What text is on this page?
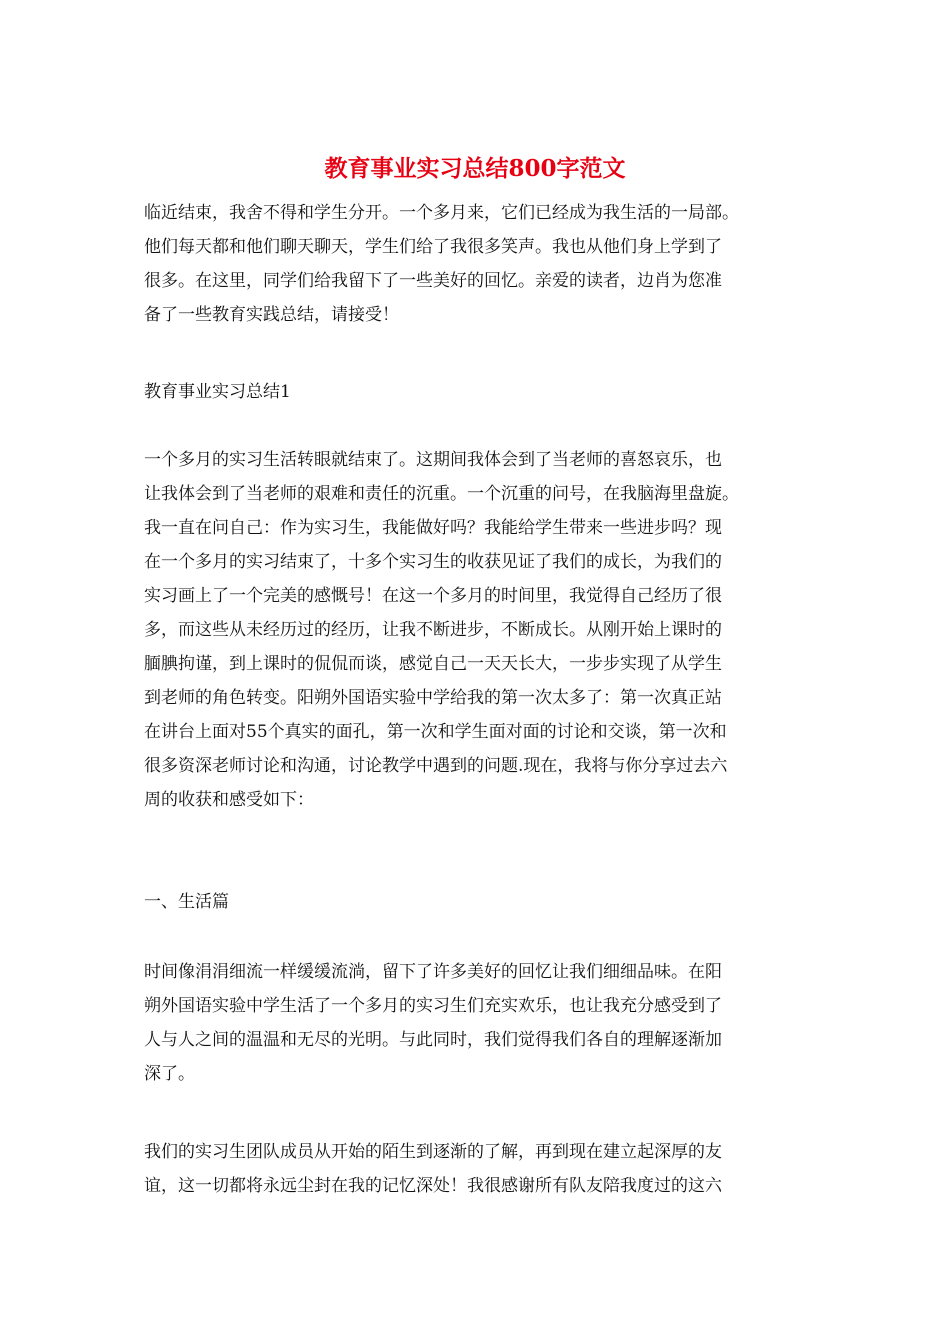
教育事业实习总结800字范文
临近结束，我舍不得和学生分开。一个多月来，它们已经成为我生活的一局部。
他们每天都和他们聊天聊天，学生们给了我很多笑声。我也从他们身上学到了
很多。在这里，同学们给我留下了一些美好的回忆。亲爱的读者，边肖为您准
备了一些教育实践总结，请接受！
教育事业实习总结1
一个多月的实习生活转眼就结束了。这期间我体会到了当老师的喜怒哀乐，也
让我体会到了当老师的艰难和责任的沉重。一个沉重的问号，在我脑海里盘旋。
我一直在问自己：作为实习生，我能做好吗？我能给学生带来一些进步吗？现
在一个多月的实习结束了，十多个实习生的收获见证了我们的成长，为我们的
实习画上了一个完美的感慨号！在这一个多月的时间里，我觉得自己经历了很
多，而这些从未经历过的经历，让我不断进步，不断成长。从刚开始上课时的
腼腆拘谨，到上课时的侃侃而谈，感觉自己一天天长大，一步步实现了从学生
到老师的角色转变。阳朔外国语实验中学给我的第一次太多了：第一次真正站
在讲台上面对55个真实的面孔，第一次和学生面对面的讨论和交谈，第一次和
很多资深老师讨论和沟通，讨论教学中遇到的问题.现在，我将与你分享过去六
周的收获和感受如下：
一、生活篇
时间像涓涓细流一样缓缓流淌，留下了许多美好的回忆让我们细细品味。在阳
朔外国语实验中学生活了一个多月的实习生们充实欢乐，也让我充分感受到了
人与人之间的温温和无尽的光明。与此同时，我们觉得我们各自的理解逐渐加
深了。
我们的实习生团队成员从开始的陌生到逐渐的了解，再到现在建立起深厚的友
谊，这一切都将永远尘封在我的记忆深处！我很感谢所有队友陪我度过的这六
